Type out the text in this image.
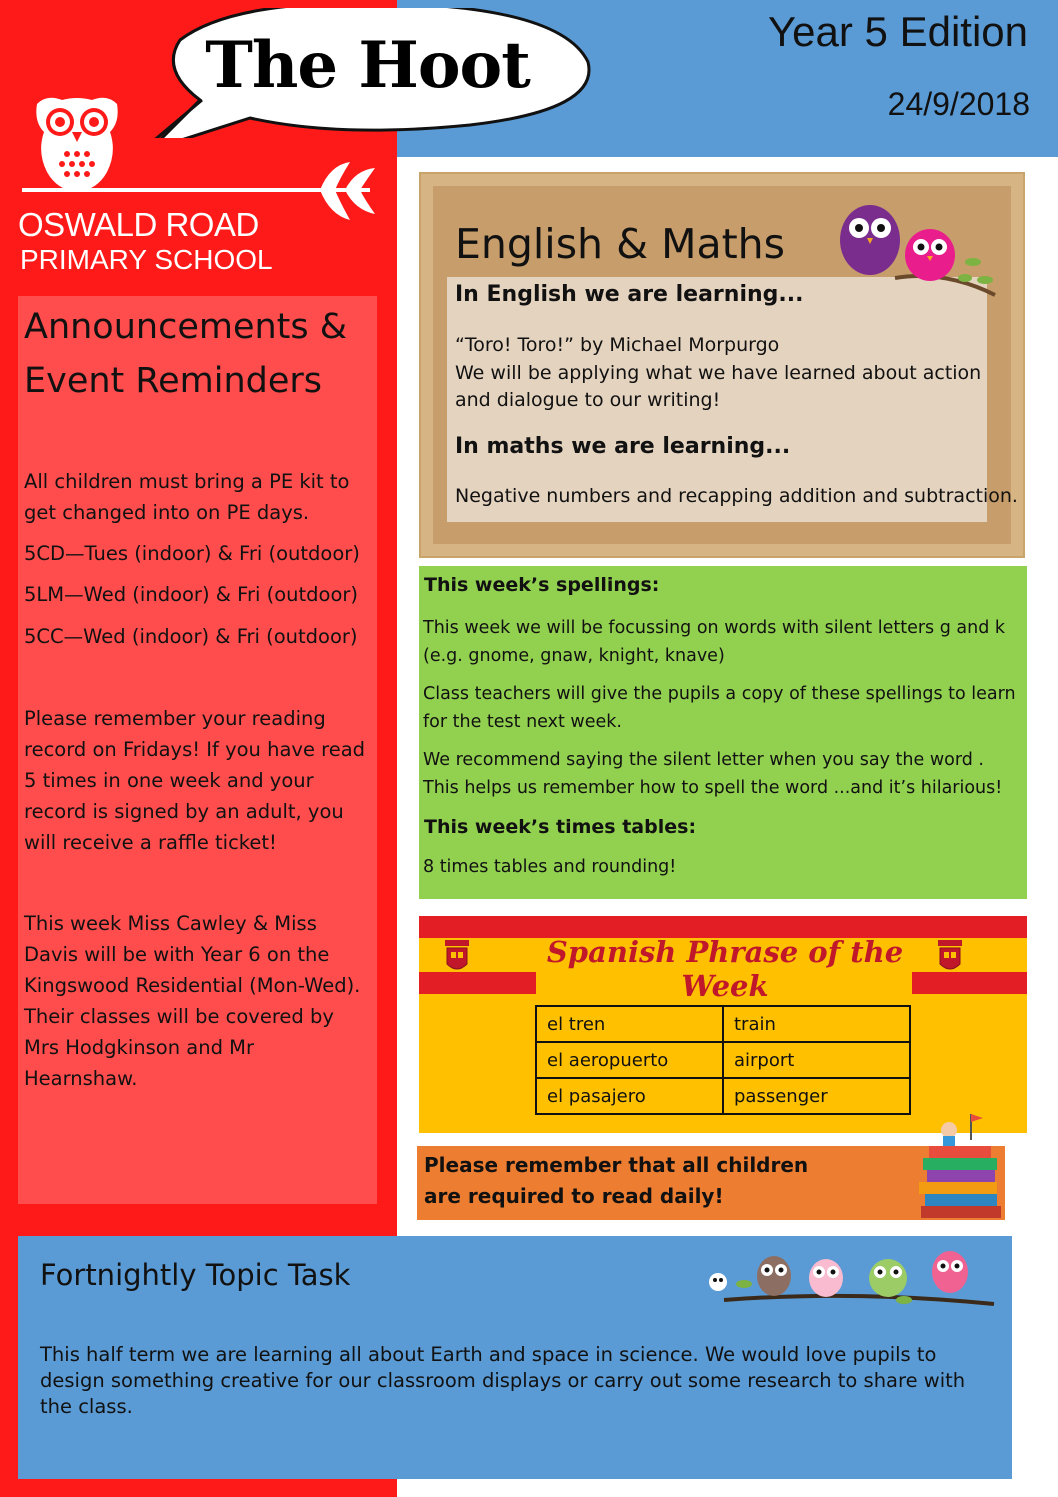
The Hoot	Year 5 Edition
24/9/2018
OSWALD ROAD
PRIMARY SCHOOL
Announcements & Event Reminders
All children must bring a PE kit to get changed into on PE days.
5CD—Tues (indoor) & Fri (outdoor)
5LM—Wed (indoor) & Fri (outdoor)
5CC—Wed (indoor) & Fri (outdoor)
Please remember your reading record on Fridays! If you have read 5 times in one week and your record is signed by an adult, you will receive a raffle ticket!
This week Miss Cawley & Miss Davis will be with Year 6 on the Kingswood Residential (Mon-Wed). Their classes will be covered by Mrs Hodgkinson and Mr Hearnshaw.
English & Maths
In English we are learning...
“Toro! Toro!” by Michael Morpurgo
We will be applying what we have learned about action and dialogue to our writing!
In maths we are learning...
Negative numbers and recapping addition and subtraction.
This week’s spellings:
This week we will be focussing on words with silent letters g and k (e.g. gnome, gnaw, knight, knave)
Class teachers will give the pupils a copy of these spellings to learn for the test next week.
We recommend saying the silent letter when you say the word . This helps us remember how to spell the word ...and it’s hilarious!
This week’s times tables:
8 times tables and rounding!
Spanish Phrase of the Week
el tren	train
el aeropuerto	airport
el pasajero	passenger
Please remember that all children are required to read daily!
Fortnightly Topic Task
This half term we are learning all about Earth and space in science. We would love pupils to design something creative for our classroom displays or carry out some research to share with the class.
